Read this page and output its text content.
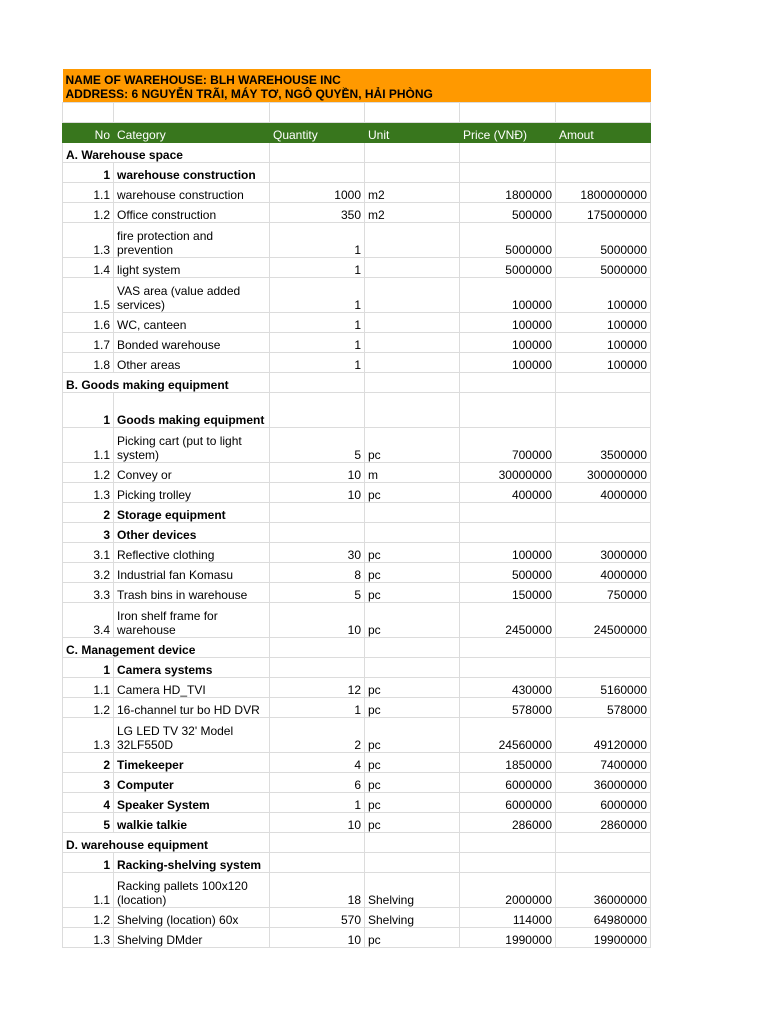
NAME OF WAREHOUSE: BLH WAREHOUSE INC
ADDRESS: 6 NGUYỄN TRÃI, MÁY TƠ, NGÔ QUYỀN, HẢI PHÒNG					

No	Category	Quantity	Unit	Price (VNĐ)	Amout
A. Warehouse space					
1	warehouse construction				
1.1	warehouse construction	1000	m2	1800000	1800000000
1.2	Office construction	350	m2	500000	175000000
1.3	fire protection and prevention	1		5000000	5000000
1.4	light system	1		5000000	5000000
1.5	VAS area (value added services)	1		100000	100000
1.6	WC, canteen	1		100000	100000
1.7	Bonded warehouse	1		100000	100000
1.8	Other areas	1		100000	100000
B. Goods making equipment					
1	Goods making equipment				
1.1	Picking cart (put to light system)	5	pc	700000	3500000
1.2	Convey or	10	m	30000000	300000000
1.3	Picking trolley	10	pc	400000	4000000
2	Storage equipment				
3	Other devices				
3.1	Reflective clothing	30	pc	100000	3000000
3.2	Industrial fan Komasu	8	pc	500000	4000000
3.3	Trash bins in warehouse	5	pc	150000	750000
3.4	Iron shelf frame for warehouse	10	pc	2450000	24500000
C. Management device					
1	Camera systems				
1.1	Camera HD_TVI	12	pc	430000	5160000
1.2	16-channel tur bo HD DVR	1	pc	578000	578000
1.3	LG LED TV 32' Model 32LF550D	2	pc	24560000	49120000
2	Timekeeper	4	pc	1850000	7400000
3	Computer	6	pc	6000000	36000000
4	Speaker System	1	pc	6000000	6000000
5	walkie talkie	10	pc	286000	2860000
D. warehouse equipment					
1	Racking-shelving system				
1.1	Racking pallets 100x120 (location)	18	Shelving	2000000	36000000
1.2	Shelving (location) 60x	570	Shelving	114000	64980000
1.3	Shelving DMder	10	pc	1990000	19900000
